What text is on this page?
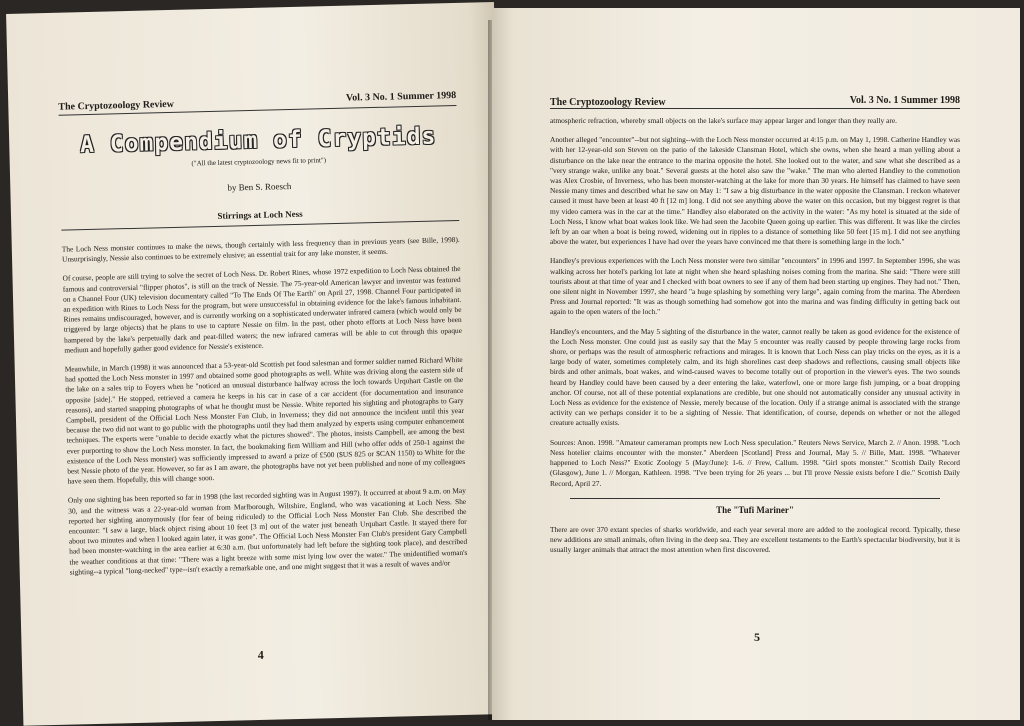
The Cryptozoology Review
Vol. 3 No. 1 Summer 1998
A Compendium of Cryptids
("All the latest cryptozoology news fit to print")
by Ben S. Roesch
Stirrings at Loch Ness

The Loch Ness monster continues to make the news, though certainly with less frequency than in previous years (see Bille, 1998). Unsurprisingly, Nessie also continues to be extremely elusive; an essential trait for any lake monster, it seems.

Of course, people are still trying to solve the secret of Loch Ness. Dr. Robert Rines, whose 1972 expedition to Loch Ness obtained the famous and controversial "flipper photos", is still on the track of Nessie. The 75-year-old American lawyer and inventor was featured on a Channel Four (UK) television documentary called "To The Ends Of The Earth" on April 27, 1998. Channel Four participated in an expedition with Rines to Loch Ness for the program, but were unsuccessful in obtaining evidence for the lake's famous inhabitant. Rines remains undiscouraged, however, and is currently working on a sophisticated underwater infrared camera (which would only be triggered by large objects) that he plans to use to capture Nessie on film. In the past, other photo efforts at Loch Ness have been hampered by the lake's perpetually dark and peat-filled waters; the new infrared cameras will be able to cut through this opaque medium and hopefully gather good evidence for Nessie's existence.

Meanwhile, in March (1998) it was announced that a 53-year-old Scottish pet food salesman and former soldier named Richard White had spotted the Loch Ness monster in 1997 and obtained some good photographs as well. White was driving along the eastern side of the lake on a sales trip to Foyers when he "noticed an unusual disturbance halfway across the loch towards Urquhart Castle on the opposite [side]." He stopped, retrieved a camera he keeps in his car in case of a car accident (for documentation and insurance reasons), and started snapping photographs of what he thought must be Nessie. White reported his sighting and photographs to Gary Campbell, president of the Official Loch Ness Monster Fan Club, in Inverness; they did not announce the incident until this year because the two did not want to go public with the photographs until they had them analyzed by experts using computer enhancement techniques. The experts were "unable to decide exactly what the pictures showed". The photos, insists Campbell, are among the best ever purporting to show the Loch Ness monster. In fact, the bookmaking firm William and Hill (who offer odds of 250-1 against the existence of the Loch Ness monster) was sufficiently impressed to award a prize of £500 ($US 825 or $CAN 1150) to White for the best Nessie photo of the year. However, so far as I am aware, the photographs have not yet been published and none of my colleagues have seen them. Hopefully, this will change soon.

Only one sighting has been reported so far in 1998 (the last recorded sighting was in August 1997). It occurred at about 9 a.m. on May 30, and the witness was a 22-year-old woman from Marlborough, Wiltshire, England, who was vacationing at Loch Ness. She reported her sighting anonymously (for fear of being ridiculed) to the Official Loch Ness Monster Fan Club. She described the encounter: "I saw a large, black object rising about 10 feet [3 m] out of the water just beneath Urquhart Castle. It stayed there for about two minutes and when I looked again later, it was gone". The Official Loch Ness Monster Fan Club's president Gary Campbell had been monster-watching in the area earlier at 6:30 a.m. (but unfortunately had left before the sighting took place), and described the weather conditions at that time: "There was a light breeze with some mist lying low over the water." The unidentified woman's sighting--a typical "long-necked" type--isn't exactly a remarkable one, and one might suggest that it was a result of waves and/or

4
The Cryptozoology Review	Vol. 3 No. 1 Summer 1998

atmospheric refraction, whereby small objects on the lake's surface may appear larger and longer than they really are.

Another alleged "encounter"--but not sighting--with the Loch Ness monster occurred at 4:15 p.m. on May 1, 1998. Catherine Handley was with her 12-year-old son Steven on the patio of the lakeside Clansman Hotel, which she owns, when she heard a man yelling about a disturbance on the lake near the entrance to the marina opposite the hotel. She looked out to the water, and saw what she described as a "very strange wake, unlike any boat." Several guests at the hotel also saw the "wake." The man who alerted Handley to the commotion was Alex Crosbie, of Inverness, who has been monster-watching at the lake for more than 30 years. He himself has claimed to have seen Nessie many times and described what he saw on May 1: "I saw a big disturbance in the water opposite the Clansman. I reckon whatever caused it must have been at least 40 ft [12 m] long. I did not see anything above the water on this occasion, but my biggest regret is that my video camera was in the car at the time." Handley also elaborated on the activity in the water: "As my hotel is situated at the side of Loch Ness, I know what boat wakes look like. We had seen the Jacobite Queen going up earlier. This was different. It was like the circles left by an oar when a boat is being rowed, widening out in ripples to a distance of something like 50 feet [15 m]. I did not see anything above the water, but experiences I have had over the years have convinced me that there is something large in the loch."

Handley's previous experiences with the Loch Ness monster were two similar "encounters" in 1996 and 1997. In September 1996, she was walking across her hotel's parking lot late at night when she heard splashing noises coming from the marina. She said: "There were still tourists about at that time of year and I checked with boat owners to see if any of them had been starting up engines. They had not." Then, one silent night in November 1997, she heard "a huge splashing by something very large", again coming from the marina. The Aberdeen Press and Journal reported: "It was as though something had somehow got into the marina and was finding difficulty in getting back out again to the open waters of the loch."

Handley's encounters, and the May 5 sighting of the disturbance in the water, cannot really be taken as good evidence for the existence of the Loch Ness monster. One could just as easily say that the May 5 encounter was really caused by people throwing large rocks from shore, or perhaps was the result of atmospheric refractions and mirages. It is known that Loch Ness can play tricks on the eyes, as it is a large body of water, sometimes completely calm, and its high shorelines cast deep shadows and reflections, causing small objects like birds and other animals, boat wakes, and wind-caused waves to become totally out of proportion in the viewer's eyes. The two sounds heard by Handley could have been caused by a deer entering the lake, waterfowl, one or more large fish jumping, or a boat dropping anchor. Of course, not all of these potential explanations are credible, but one should not automatically consider any unusual activity in Loch Ness as evidence for the existence of Nessie, merely because of the location. Only if a strange animal is associated with the strange activity can we perhaps consider it to be a sighting of Nessie. That identification, of course, depends on whether or not the alleged creature actually exists.

Sources: Anon. 1998. "Amateur cameraman prompts new Loch Ness speculation." Reuters News Service, March 2. // Anon. 1998. "Loch Ness hotelier claims encounter with the monster." Aberdeen [Scotland] Press and Journal, May 5. // Bille, Matt. 1998. "Whatever happened to Loch Ness?" Exotic Zoology 5 (May/June): 1-6. // Frew, Callum. 1998. "Girl spots monster." Scottish Daily Record (Glasgow), June 1. // Morgan, Kathleen. 1998. "I've been trying for 26 years ... but I'll prove Nessie exists before I die." Scottish Daily Record, April 27.

The "Tufi Mariner"

There are over 370 extant species of sharks worldwide, and each year several more are added to the zoological record. Typically, these new additions are small animals, often living in the deep sea. They are excellent testaments to the Earth's spectacular biodiversity, but it is usually larger animals that attract the most attention when first discovered.

5
